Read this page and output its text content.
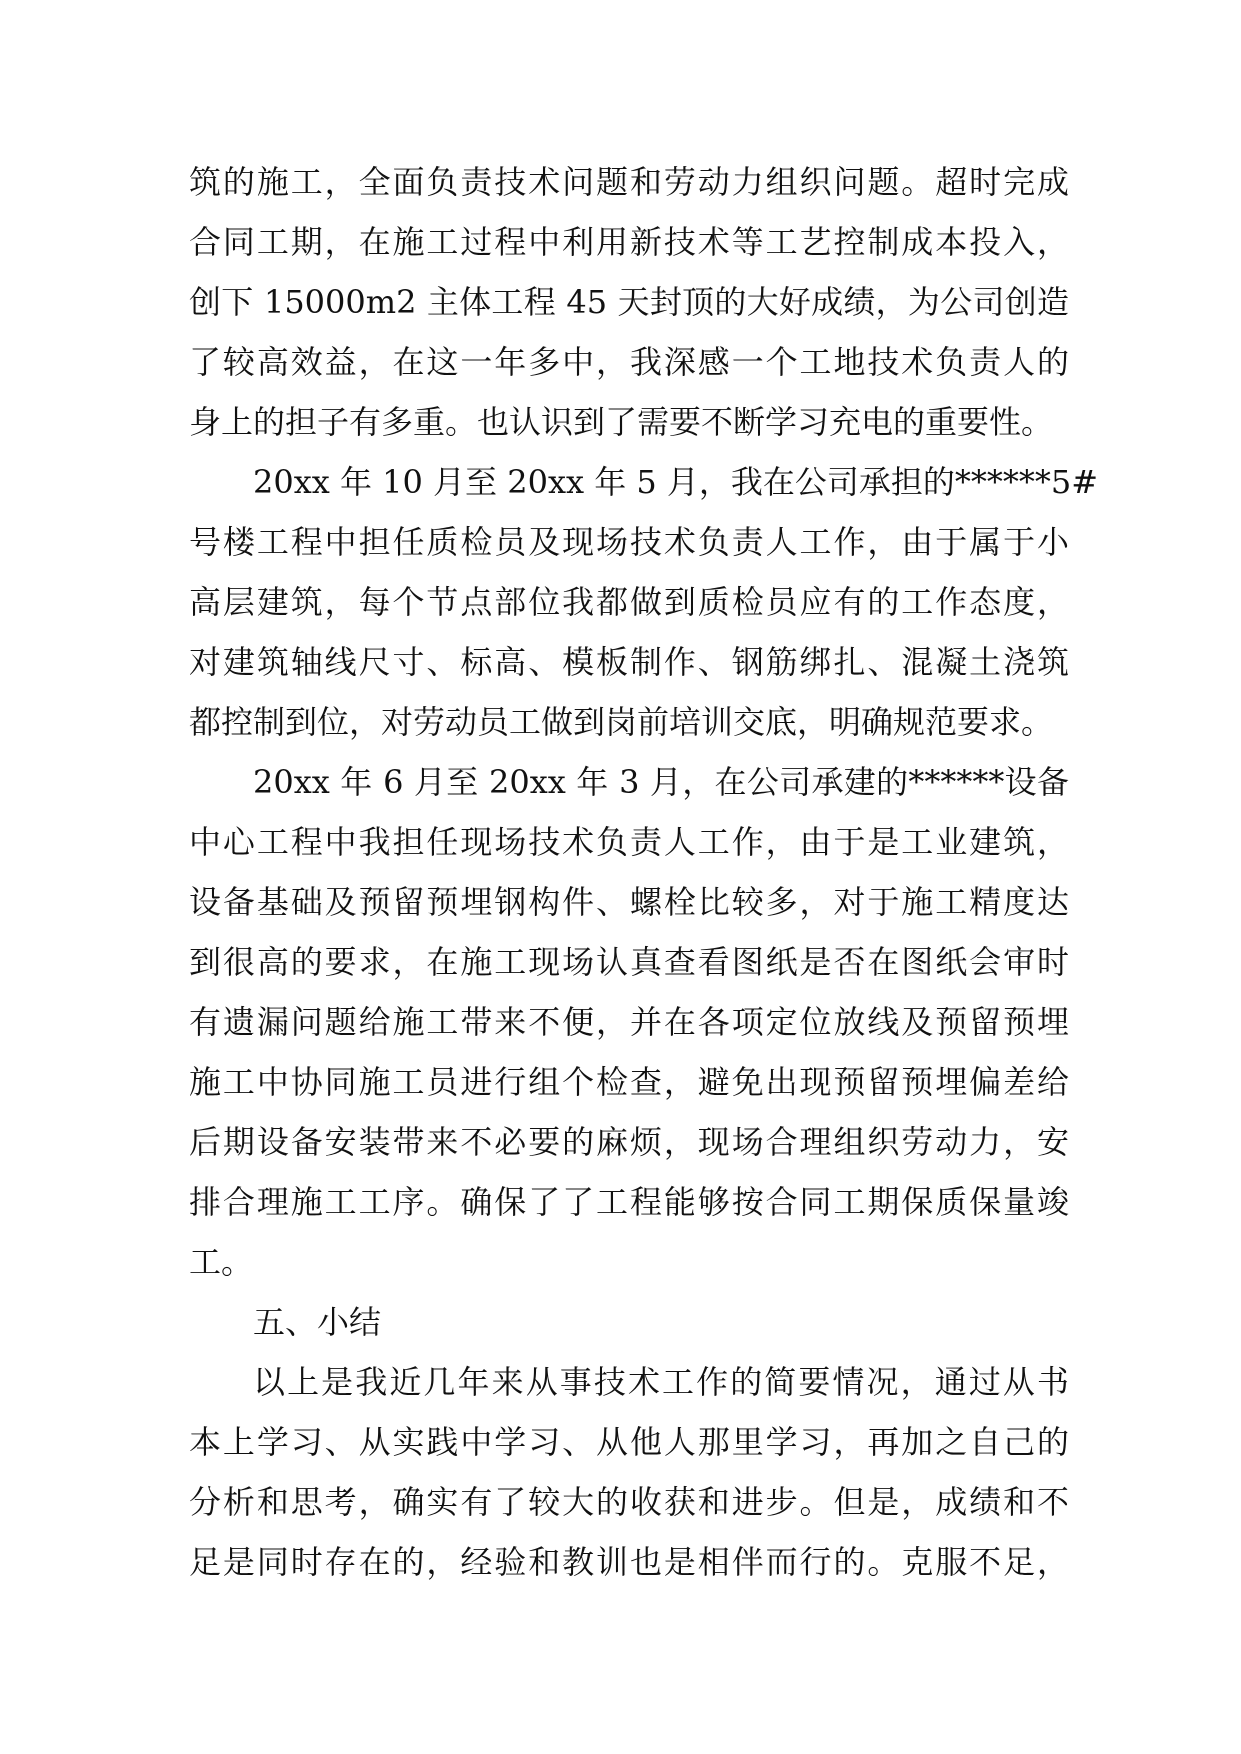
筑的施工，全面负责技术问题和劳动力组织问题。超时完成
合同工期，在施工过程中利用新技术等工艺控制成本投入，
创下 15000m2 主体工程 45 天封顶的大好成绩，为公司创造
了较高效益，在这一年多中，我深感一个工地技术负责人的
身上的担子有多重。也认识到了需要不断学习充电的重要性。
20xx 年 10 月至 20xx 年 5 月，我在公司承担的******5#
号楼工程中担任质检员及现场技术负责人工作，由于属于小
高层建筑，每个节点部位我都做到质检员应有的工作态度，
对建筑轴线尺寸、标高、模板制作、钢筋绑扎、混凝土浇筑
都控制到位，对劳动员工做到岗前培训交底，明确规范要求。
20xx 年 6 月至 20xx 年 3 月，在公司承建的******设备
中心工程中我担任现场技术负责人工作，由于是工业建筑，
设备基础及预留预埋钢构件、螺栓比较多，对于施工精度达
到很高的要求，在施工现场认真查看图纸是否在图纸会审时
有遗漏问题给施工带来不便，并在各项定位放线及预留预埋
施工中协同施工员进行组个检查，避免出现预留预埋偏差给
后期设备安装带来不必要的麻烦，现场合理组织劳动力，安
排合理施工工序。确保了了工程能够按合同工期保质保量竣
工。
五、小结
以上是我近几年来从事技术工作的简要情况，通过从书
本上学习、从实践中学习、从他人那里学习，再加之自己的
分析和思考，确实有了较大的收获和进步。但是，成绩和不
足是同时存在的，经验和教训也是相伴而行的。克服不足，
